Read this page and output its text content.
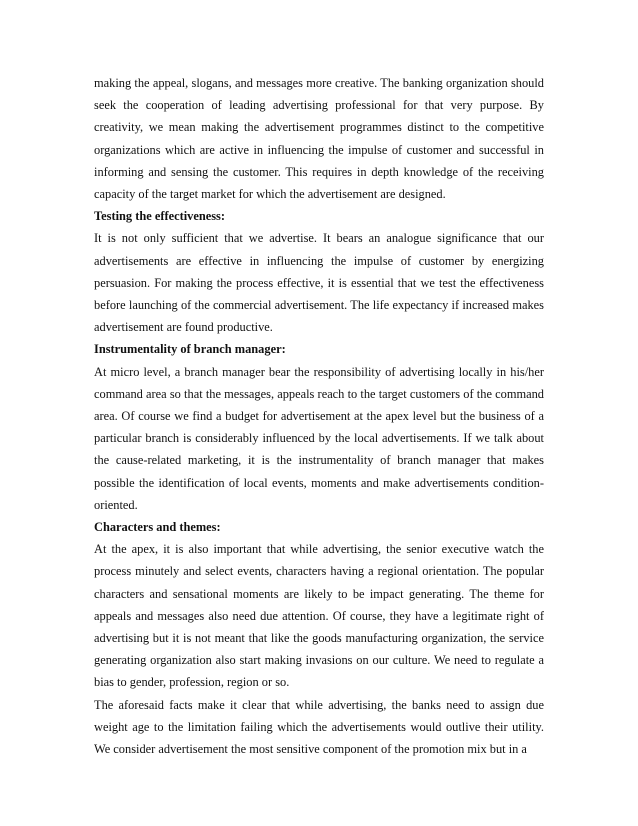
making the appeal, slogans, and messages more creative. The banking organization should seek the cooperation of leading advertising professional for that very purpose. By creativity, we mean making the advertisement programmes distinct to the competitive organizations which are active in influencing the impulse of customer and successful in informing and sensing the customer. This requires in depth knowledge of the receiving capacity of the target market for which the advertisement are designed.

Testing the effectiveness:

It is not only sufficient that we advertise. It bears an analogue significance that our advertisements are effective in influencing the impulse of customer by energizing persuasion. For making the process effective, it is essential that we test the effectiveness before launching of the commercial advertisement. The life expectancy if increased makes advertisement are found productive.

Instrumentality of branch manager:

At micro level, a branch manager bear the responsibility of advertising locally in his/her command area so that the messages, appeals reach to the target customers of the command area. Of course we find a budget for advertisement at the apex level but the business of a particular branch is considerably influenced by the local advertisements. If we talk about the cause-related marketing, it is the instrumentality of branch manager that makes possible the identification of local events, moments and make advertisements condition-oriented.

Characters and themes:

At the apex, it is also important that while advertising, the senior executive watch the process minutely and select events, characters having a regional orientation. The popular characters and sensational moments are likely to be impact generating. The theme for appeals and messages also need due attention. Of course, they have a legitimate right of advertising but it is not meant that like the goods manufacturing organization, the service generating organization also start making invasions on our culture. We need to regulate a bias to gender, profession, region or so.

The aforesaid facts make it clear that while advertising, the banks need to assign due weight age to the limitation failing which the advertisements would outlive their utility. We consider advertisement the most sensitive component of the promotion mix but in a
